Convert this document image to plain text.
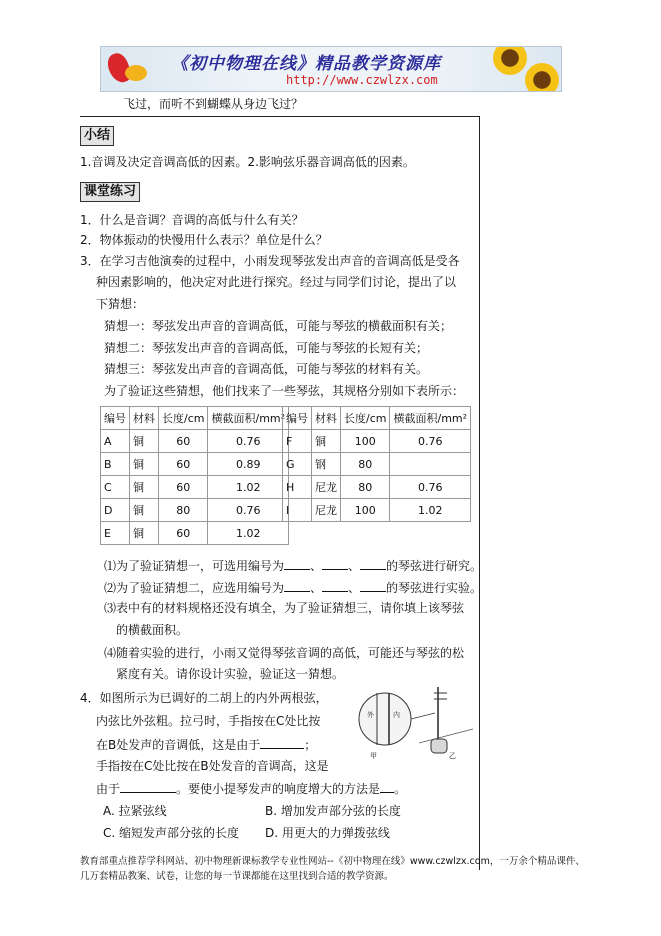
《初中物理在线》精品教学资源库
http://www.czwlzx.com
飞过，而听不到蝴蝶从身边飞过？
小结
1.音调及决定音调高低的因素。2.影响弦乐器音调高低的因素。
课堂练习
1．什么是音调？音调的高低与什么有关？
2．物体振动的快慢用什么表示？单位是什么？
3．在学习吉他演奏的过程中，小雨发现琴弦发出声音的音调高低是受各
种因素影响的，他决定对此进行探究。经过与同学们讨论，提出了以
下猜想：
猜想一：琴弦发出声音的音调高低，可能与琴弦的横截面积有关；
猜想二：琴弦发出声音的音调高低，可能与琴弦的长短有关；
猜想三：琴弦发出声音的音调高低，可能与琴弦的材料有关。
为了验证这些猜想，他们找来了一些琴弦，其规格分别如下表所示：
编号	材料	长度/cm	横截面积/mm²
A	铜	60	0.76
B	铜	60	0.89
C	铜	60	1.02
D	铜	80	0.76
E	铜	60	1.02
编号	材料	长度/cm	横截面积/mm²
F	铜	100	0.76
G	钢	80	
H	尼龙	80	0.76
I	尼龙	100	1.02
⑴为了验证猜想一，可选用编号为 、 、 的琴弦进行研究。
⑵为了验证猜想二，应选用编号为 、 、 的琴弦进行实验。
⑶表中有的材料规格还没有填全，为了验证猜想三，请你填上该琴弦
的横截面积。
⑷随着实验的进行，小雨又觉得琴弦音调的高低，可能还与琴弦的松
紧度有关。请你设计实验，验证这一猜想。
4．如图所示为已调好的二胡上的内外两根弦，
内弦比外弦粗。拉弓时，手指按在C处比按
在B处发声的音调低，这是由于	；
手指按在C处比按在B处发音的音调高，这是
由于	。要使小提琴发声的响度增大的方法是 。
A. 拉紧弦线	B. 增加发声部分弦的长度
C. 缩短发声部分弦的长度 D. 用更大的力弹拨弦线
外	内
甲	乙
教育部重点推荐学科网站、初中物理新课标教学专业性网站--《初中物理在线》www.czwlzx.com，一万余个精品课件、
几万套精品教案、试卷，让您的每一节课都能在这里找到合适的教学资源。
